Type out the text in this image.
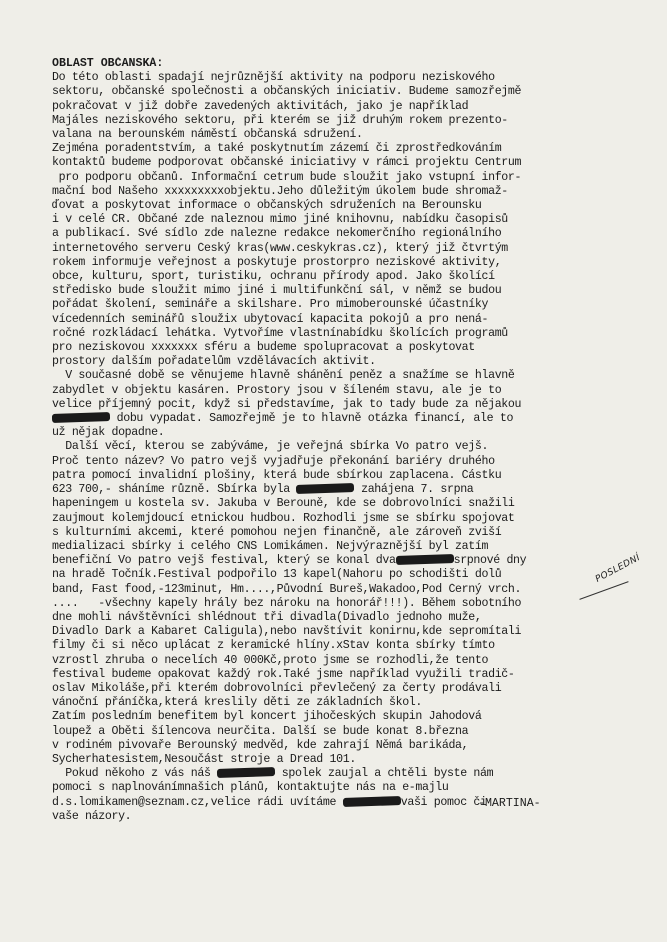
OBLAST OBČANSKÁ:
Do této oblasti spadají nejrůznější aktivity na podporu neziskového
sektoru, občanské společnosti a občanských iniciativ. Budeme samozřejmě
pokračovat v již dobře zavedených aktivitách, jako je například
Majáles neziskového sektoru, při kterém se již druhým rokem prezento-
valana na berounském náměstí občanská sdružení.
Zejména poradentstvím, a také poskytnutím zázemí či zprostředkováním
kontaktů budeme podporovat občanské iniciativy v rámci projektu Centrum
pro podporu občanů. Informační cetrum bude sloužit jako vstupní infor-
mační bod Našeho xxxxxxxxxobjektu.Jeho důležitým úkolem bude shromaž-
ďovat a poskytovat informace o občanských sdruženích na Berounsku
i v celé ČR. Občané zde naleznou mimo jiné knihovnu, nabídku časopisů
a publikací. Své sídlo zde nalezne redakce nekomerčního regionálního
internetového serveru Český kras(www.ceskykras.cz), který již čtvrtým
rokem informuje veřejnost a poskytuje prostorpro neziskové aktivity,
obce, kulturu, sport, turistiku, ochranu přírody apod. Jako školící
středisko bude sloužit mimo jiné i multifunkční sál, v němž se budou
pořádat školení, semináře a skilshare. Pro mimoberounské účastníky
vícedenních seminářů sloužix ubytovací kapacita pokojů a pro nená-
ročné rozkládací lehátka. Vytvoříme vlastnínabídku školících programů
pro neziskovou xxxxxxx sféru a budeme spolupracovat a poskytovat
prostory dalším pořadatelům vzdělávacích aktivit.
V současné době se věnujeme hlavně shánění peněz a snažíme se hlavně
zabydlet v objektu kasáren. Prostory jsou v šíleném stavu, ale je to
velice příjemný pocit, když si představíme, jak to tady bude za nějakou
dobu vypadat. Samozřejmě je to hlavně otázka financí, ale to
už nějak dopadne.
Další věcí, kterou se zabýváme, je veřejná sbírka Vo patro vejš.
Proč tento název? Vo patro vejš vyjadřuje překonání bariéry druhého
patra pomocí invalidní plošiny, která bude sbírkou zaplacena. Částku
623 700,- sháníme různě. Sbírka byla	zahájena 7. srpna
hapeningem u kostela sv. Jakuba v Berouně, kde se dobrovolníci snažili
zaujmout kolemjdoucí etnickou hudbou. Rozhodli jsme se sbírku spojovat
s kulturními akcemi, které pomohou nejen finančně, ale zároveň zviší
medializaci sbírky i celého CNS Lomikámen. Nejvýraznější byl zatím
benefiční Vo patro vejš festival, který se konal dva	srpnové dny
na hradě Točník.Festival podpořilo 13 kapel(Nahoru po schodišti dolů
band, Fast food,-123minut, Hm....,Původní Bureš,Wakadoo,Pod Černý vrch.
....   -všechny kapely hrály bez nároku na honorář!!!). Během sobotního
dne mohli návštěvníci shlédnout tři divadla(Divadlo jednoho muže,
Divadlo Dark a Kabaret Caligula),nebo navštívit konirnu,kde sepromítali
filmy či si něco uplácat z keramické hlíny.xStav konta sbírky tímto
vzrostl zhruba o necelích 40 000Kč,proto jsme se rozhodli,že tento
festival budeme opakovat každý rok.Také jsme například využili tradič-
oslav Mikoláše,při kterém dobrovolníci převlečený za čerty prodávali
vánoční přáníčka,která kreslily děti ze základních škol.
Zatím posledním benefitem byl koncert jihočeských skupin Jahodová
loupež a Oběti šílencova neurčita. Další se bude konat 8.března
v rodiném pivovaře Berounský medvěd, kde zahrají Němá barikáda,
Sycherhatesistem,Nesoučást stroje a Dread 101.
Pokud někoho z vás náš	spolek zaujal a chtěli byste nám
pomoci s naplnovánímnašich plánů, kontaktujte nás na e-majlu
d.s.lomikamen@seznam.cz,velice rádi uvítáme	vaši pomoc či
vaše názory.
POSLEDNÍ
-MARTINA-
